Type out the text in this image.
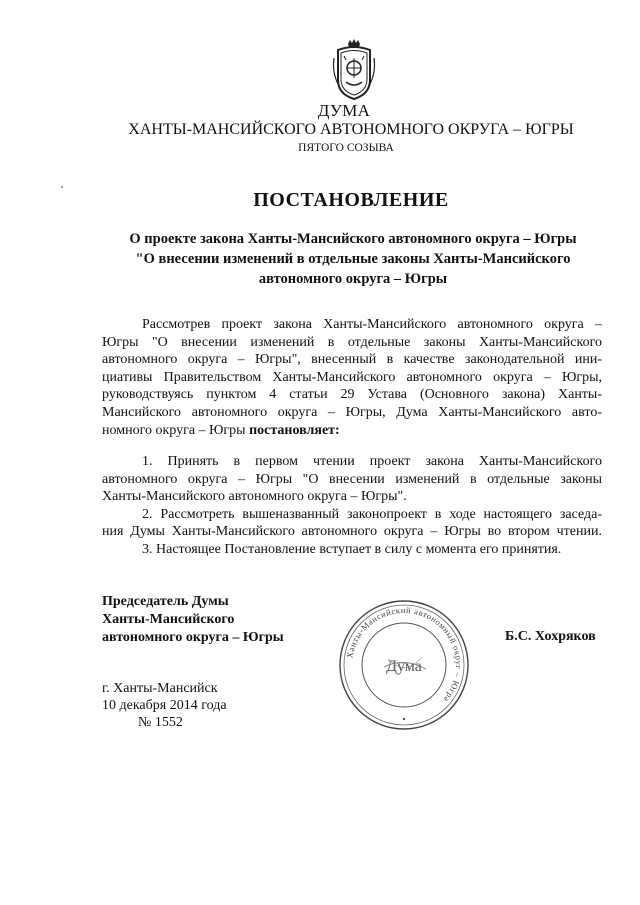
ДУМА
ХАНТЫ-МАНСИЙСКОГО АВТОНОМНОГО ОКРУГА – ЮГРЫ
ПЯТОГО СОЗЫВА
ПОСТАНОВЛЕНИЕ
О проекте закона Ханты-Мансийского автономного округа – Югры
"О внесении изменений в отдельные законы Ханты-Мансийского
автономного округа – Югры
Рассмотрев проект закона Ханты-Мансийского автономного округа –
Югры "О внесении изменений в отдельные законы Ханты-Мансийского
автономного округа – Югры", внесенный в качестве законодательной ини-
циативы Правительством Ханты-Мансийского автономного округа – Югры,
руководствуясь пунктом 4 статьи 29 Устава (Основного закона) Ханты-
Мансийского автономного округа – Югры, Дума Ханты-Мансийского авто-
номного округа – Югры постановляет:
1. Принять в первом чтении проект закона Ханты-Мансийского
автономного округа – Югры "О внесении изменений в отдельные законы
Ханты-Мансийского автономного округа – Югры".
2. Рассмотреть вышеназванный законопроект в ходе настоящего заседа-
ния Думы Ханты-Мансийского автономного округа – Югры во втором чтении.
3. Настоящее Постановление вступает в силу с момента его принятия.
Председатель Думы
Ханты-Мансийского
автономного округа – Югры
Ханты-Мансийский автономный округ – Югра
Дума
Б.С. Хохряков
г. Ханты-Мансийск
10 декабря 2014 года
№ 1552
